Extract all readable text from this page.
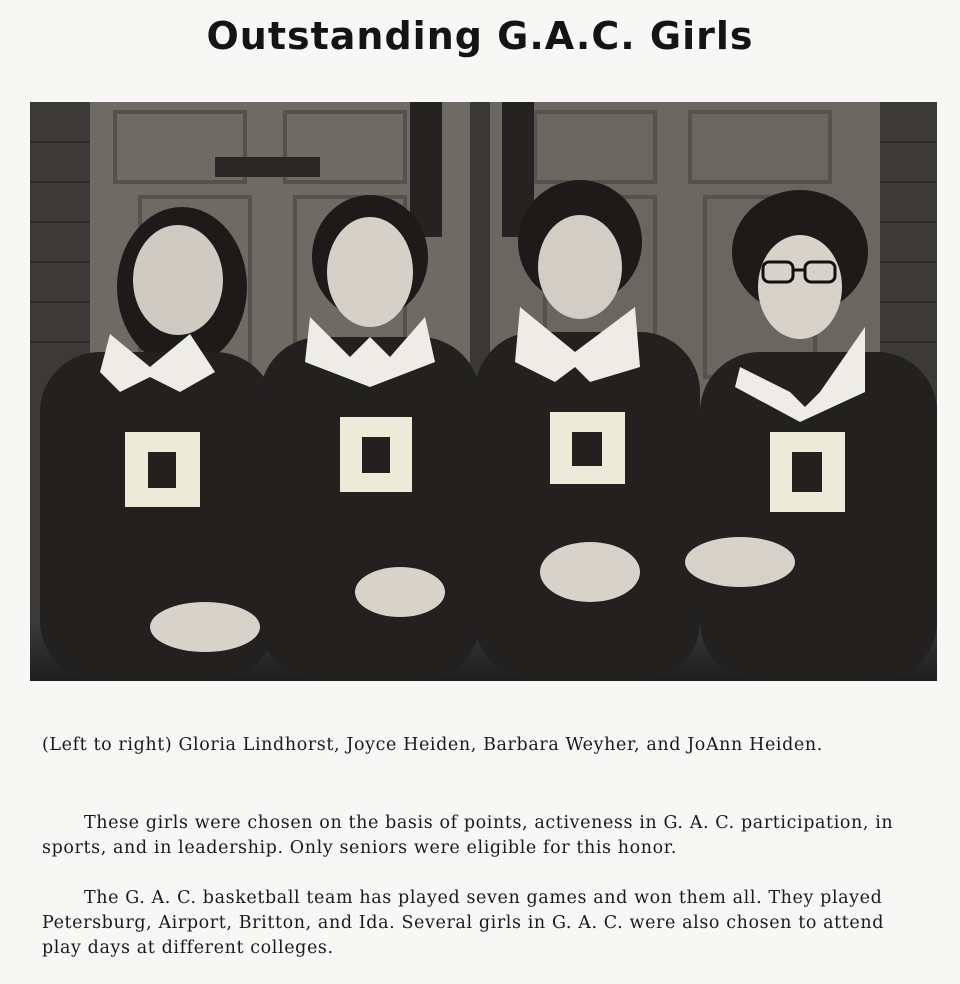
Outstanding G.A.C. Girls

(Left to right) Gloria Lindhorst, Joyce Heiden, Barbara Weyher, and JoAnn Heiden.

These girls were chosen on the basis of points, activeness in G. A. C. participation, in sports, and in leadership. Only seniors were eligible for this honor.

The G. A. C. basketball team has played seven games and won them all. They played Petersburg, Airport, Britton, and Ida. Several girls in G. A. C. were also chosen to attend play days at different colleges.
